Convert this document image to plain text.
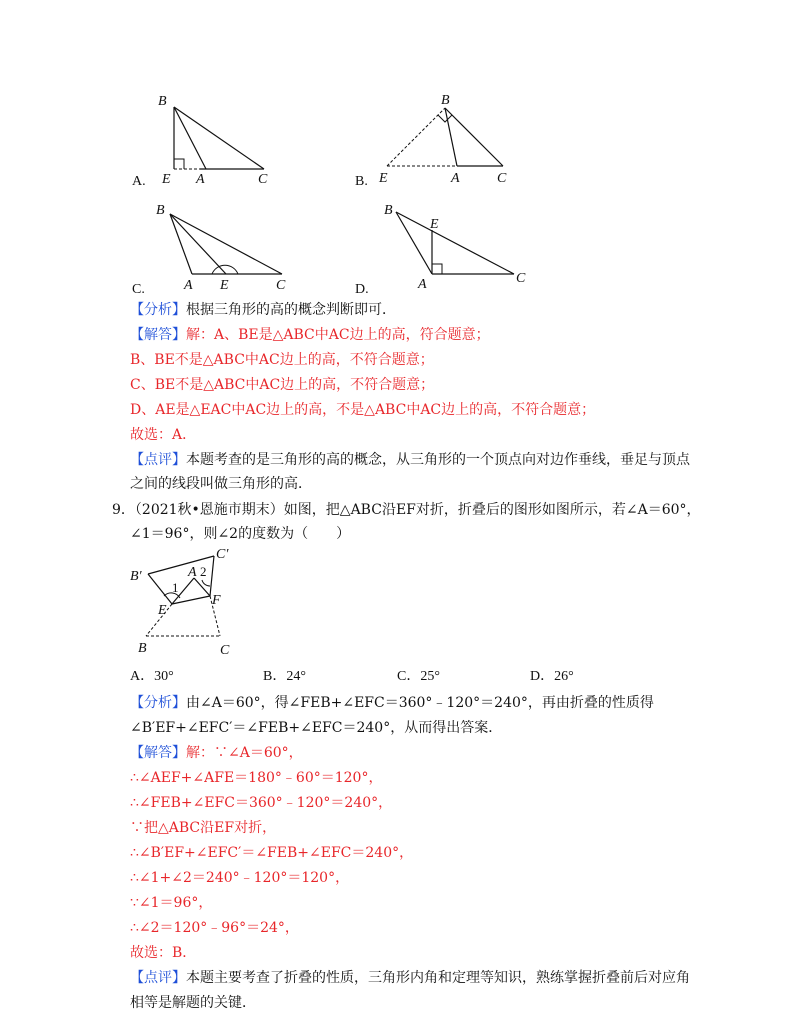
B
E A	C
A.
B
E	A	C
B.
B
A E	C
C.
B
E
A	C
D.
【分析】根据三角形的高的概念判断即可．
【解答】解：A、BE是△ABC中AC边上的高，符合题意；
B、BE不是△ABC中AC边上的高，不符合题意；
C、BE不是△ABC中AC边上的高，不符合题意；
D、AE是△EAC中AC边上的高，不是△ABC中AC边上的高，不符合题意；
故选：A．
【点评】本题考查的是三角形的高的概念，从三角形的一个顶点向对边作垂线，垂足与顶点
之间的线段叫做三角形的高．
9．（2021秋•恩施市期末）如图，把△ABC沿EF对折，折叠后的图形如图所示，若∠A＝60°，
∠1＝96°，则∠2的度数为（　　）
C′
B′	A
1
2
E
F
B	C
A．30°	B．24°	C．25°	D．26°
【分析】由∠A＝60°，得∠FEB+∠EFC＝360°﹣120°＝240°，再由折叠的性质得
∠B′EF+∠EFC′＝∠FEB+∠EFC＝240°，从而得出答案．
【解答】解：∵∠A＝60°，
∴∠AEF+∠AFE＝180°﹣60°＝120°，
∴∠FEB+∠EFC＝360°﹣120°＝240°，
∵把△ABC沿EF对折，
∴∠B′EF+∠EFC′＝∠FEB+∠EFC＝240°，
∴∠1+∠2＝240°﹣120°＝120°，
∵∠1＝96°，
∴∠2＝120°﹣96°＝24°，
故选：B．
【点评】本题主要考查了折叠的性质，三角形内角和定理等知识，熟练掌握折叠前后对应角
相等是解题的关键．
